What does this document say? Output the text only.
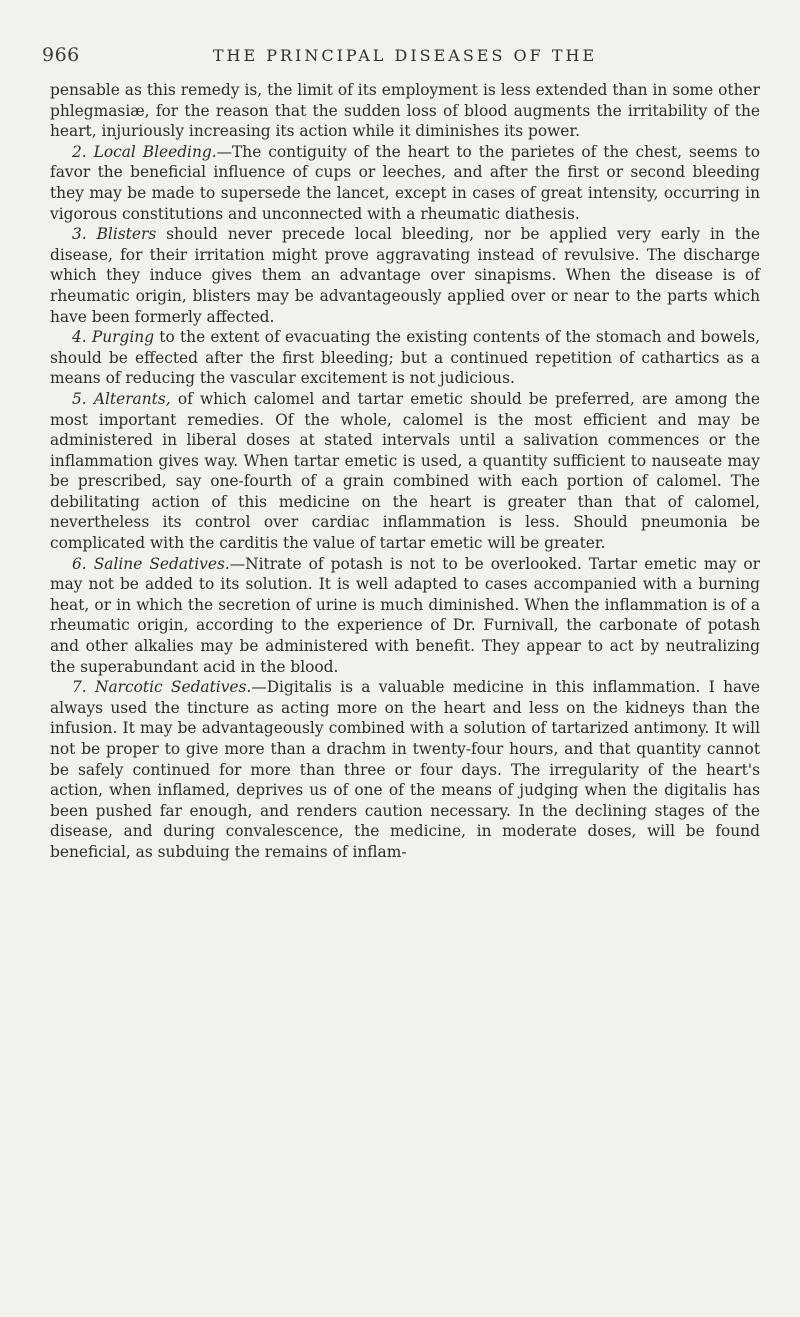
966	THE PRINCIPAL DISEASES OF THE

pensable as this remedy is, the limit of its employment is less extended than in some other phlegmasiæ, for the reason that the sudden loss of blood augments the irritability of the heart, injuriously increasing its action while it diminishes its power.

2. Local Bleeding.—The contiguity of the heart to the parietes of the chest, seems to favor the beneficial influence of cups or leeches, and after the first or second bleeding they may be made to supersede the lancet, except in cases of great intensity, occurring in vigorous constitutions and unconnected with a rheumatic diathesis.

3. Blisters should never precede local bleeding, nor be applied very early in the disease, for their irritation might prove aggravating instead of revulsive. The discharge which they induce gives them an advantage over sinapisms. When the disease is of rheumatic origin, blisters may be advantageously applied over or near to the parts which have been formerly affected.

4. Purging to the extent of evacuating the existing contents of the stomach and bowels, should be effected after the first bleeding; but a continued repetition of cathartics as a means of reducing the vascular excitement is not judicious.

5. Alterants, of which calomel and tartar emetic should be preferred, are among the most important remedies. Of the whole, calomel is the most efficient and may be administered in liberal doses at stated intervals until a salivation commences or the inflammation gives way. When tartar emetic is used, a quantity sufficient to nauseate may be prescribed, say one-fourth of a grain combined with each portion of calomel. The debilitating action of this medicine on the heart is greater than that of calomel, nevertheless its control over cardiac inflammation is less. Should pneumonia be complicated with the carditis the value of tartar emetic will be greater.

6. Saline Sedatives.—Nitrate of potash is not to be overlooked. Tartar emetic may or may not be added to its solution. It is well adapted to cases accompanied with a burning heat, or in which the secretion of urine is much diminished. When the inflammation is of a rheumatic origin, according to the experience of Dr. Furnivall, the carbonate of potash and other alkalies may be administered with benefit. They appear to act by neutralizing the superabundant acid in the blood.

7. Narcotic Sedatives.—Digitalis is a valuable medicine in this inflammation. I have always used the tincture as acting more on the heart and less on the kidneys than the infusion. It may be advantageously combined with a solution of tartarized antimony. It will not be proper to give more than a drachm in twenty-four hours, and that quantity cannot be safely continued for more than three or four days. The irregularity of the heart's action, when inflamed, deprives us of one of the means of judging when the digitalis has been pushed far enough, and renders caution necessary. In the declining stages of the disease, and during convalescence, the medicine, in moderate doses, will be found beneficial, as subduing the remains of inflam-
